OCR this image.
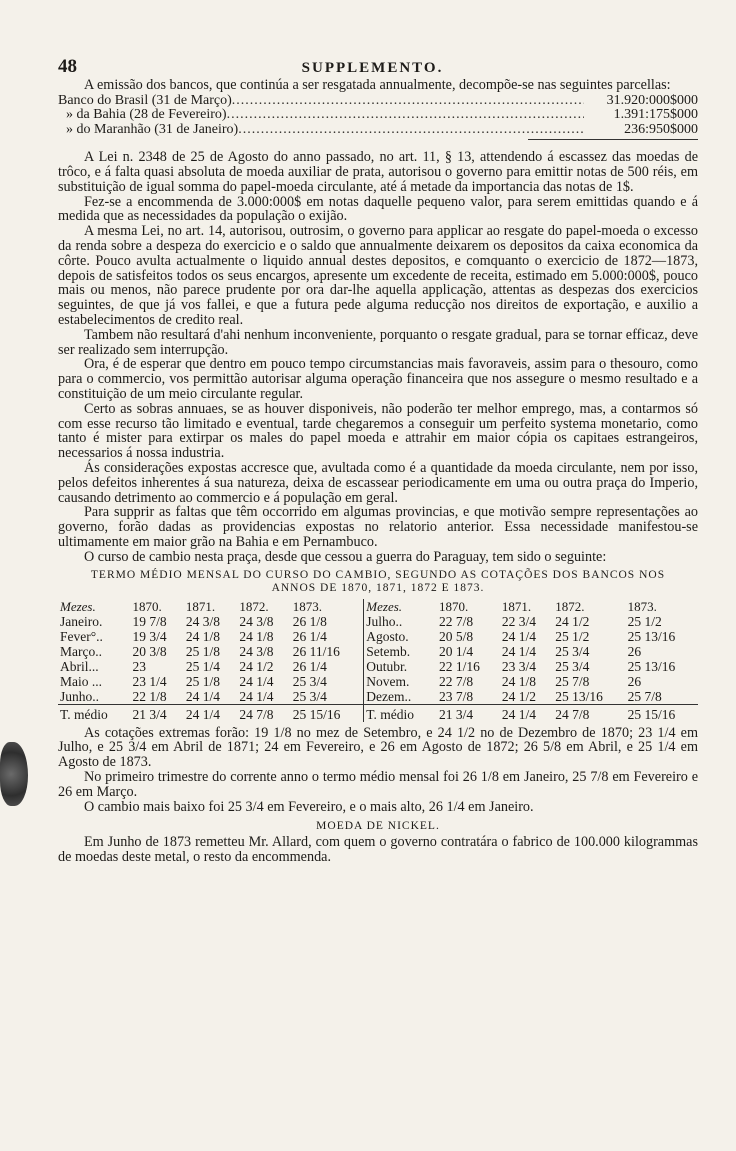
48	SUPPLEMENTO.

A emissão dos bancos, que continúa a ser resgatada annualmente, decompõe-se nas seguintes parcellas:

Banco do Brasil (31 de Março) .....	31.920:000$000
» da Bahia (28 de Fevereiro) .....	1.391:175$000
» do Maranhão (31 de Janeiro) .....	236:950$000

A Lei n. 2348 de 25 de Agosto do anno passado, no art. 11, § 13, attendendo á escassez das moedas de trôco, e á falta quasi absoluta de moeda auxiliar de prata, autorisou o governo para emittir notas de 500 réis, em substituição de igual somma do papel-moeda circulante, até á metade da importancia das notas de 1$.

Fez-se a encommenda de 3.000:000$ em notas daquelle pequeno valor, para serem emittidas quando e á medida que as necessidades da população o exijão.

A mesma Lei, no art. 14, autorisou, outrosim, o governo para applicar ao resgate do papel-moeda o excesso da renda sobre a despeza do exercicio e o saldo que annualmente deixarem os depositos da caixa economica da côrte. Pouco avulta actualmente o liquido annual destes depositos, e comquanto o exercicio de 1872—1873, depois de satisfeitos todos os seus encargos, apresente um excedente de receita, estimado em 5.000:000$, pouco mais ou menos, não parece prudente por ora dar-lhe aquella applicação, attentas as despezas dos exercicios seguintes, de que já vos fallei, e que a futura pede alguma reducção nos direitos de exportação, e auxilio a estabelecimentos de credito real.

Tambem não resultará d'ahi nenhum inconveniente, porquanto o resgate gradual, para se tornar efficaz, deve ser realizado sem interrupção.

Ora, é de esperar que dentro em pouco tempo circumstancias mais favoraveis, assim para o thesouro, como para o commercio, vos permittão autorisar alguma operação financeira que nos assegure o mesmo resultado e a constituição de um meio circulante regular.

Certo as sobras annuaes, se as houver disponiveis, não poderão ter melhor emprego, mas, a contarmos só com esse recurso tão limitado e eventual, tarde chegaremos a conseguir um perfeito systema monetario, como tanto é mister para extirpar os males do papel moeda e attrahir em maior cópia os capitaes estrangeiros, necessarios á nossa industria.

Ás considerações expostas accresce que, avultada como é a quantidade da moeda circulante, nem por isso, pelos defeitos inherentes á sua natureza, deixa de escassear periodicamente em uma ou outra praça do Imperio, causando detrimento ao commercio e á população em geral.

Para supprir as faltas que têm occorrido em algumas provincias, e que motivão sempre representações ao governo, forão dadas as providencias expostas no relatorio anterior. Essa necessidade manifestou-se ultimamente em maior grão na Bahia e em Pernambuco.

O curso de cambio nesta praça, desde que cessou a guerra do Paraguay, tem sido o seguinte:

TERMO MÉDIO MENSAL DO CURSO DO CAMBIO, SEGUNDO AS COTAÇÕES DOS BANCOS NOS
ANNOS DE 1870, 1871, 1872 E 1873.
Mezes.	1870.	1871.	1872.	1873.	Mezes.	1870.	1871.	1872.	1873.
Janeiro.	19 7/8	24 3/8	24 3/8	26 1/8	Julho..	22 7/8	22 3/4	24 1/2	25 1/2
Fever°..	19 3/4	24 1/8	24 1/8	26 1/4	Agosto.	20 5/8	24 1/4	25 1/2	25 13/16
Março..	20 3/8	25 1/8	24 3/8	26 11/16	Setemb.	20 1/4	24 1/4	25 3/4	26
Abril...	23	25 1/4	24 1/2	26 1/4	Outubr.	22 1/16	23 3/4	25 3/4	25 13/16
Maio ...	23 1/4	25 1/8	24 1/4	25 3/4	Novem.	22 7/8	24 1/8	25 7/8	26
Junho..	22 1/8	24 1/4	24 1/4	25 3/4	Dezem..	23 7/8	24 1/2	25 13/16	25 7/8
T. médio	21 3/4	24 1/4	24 7/8	25 15/16	T. médio	21 3/4	24 1/4	24 7/8	25 15/16

As cotações extremas forão: 19 1/8 no mez de Setembro, e 24 1/2 no de Dezembro de 1870; 23 1/4 em Julho, e 25 3/4 em Abril de 1871; 24 em Fevereiro, e 26 em Agosto de 1872; 26 5/8 em Abril, e 25 1/4 em Agosto de 1873.

No primeiro trimestre do corrente anno o termo médio mensal foi 26 1/8 em Janeiro, 25 7/8 em Fevereiro e 26 em Março.

O cambio mais baixo foi 25 3/4 em Fevereiro, e o mais alto, 26 1/4 em Janeiro.

MOEDA DE NICKEL.

Em Junho de 1873 remetteu Mr. Allard, com quem o governo contratára o fabrico de 100.000 kilogrammas de moedas deste metal, o resto da encommenda.
